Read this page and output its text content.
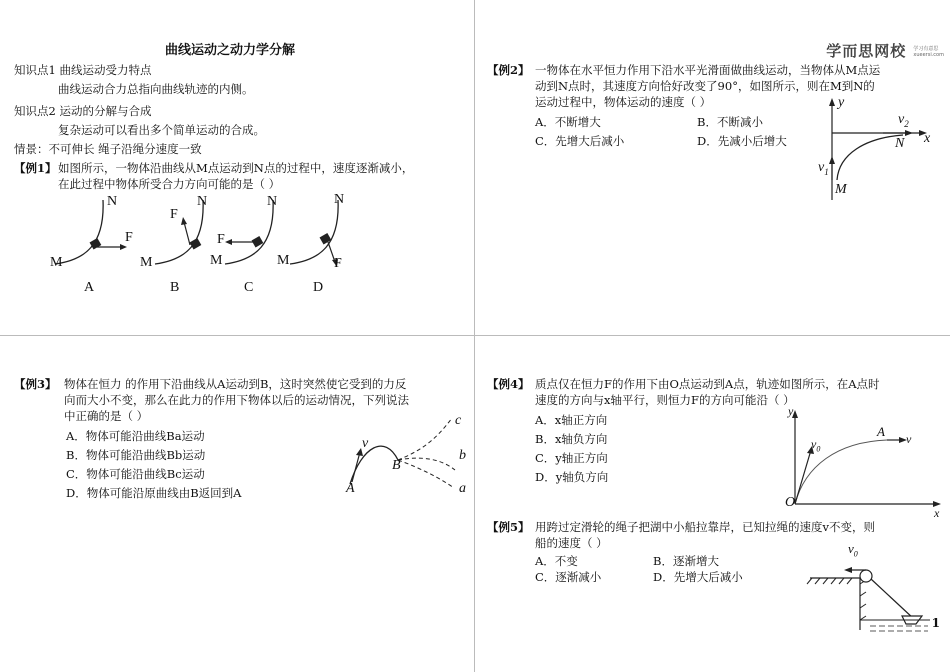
曲线运动之动力学分解
知识点1 曲线运动受力特点
曲线运动合力总指向曲线轨迹的内侧。
知识点2 运动的分解与合成
复杂运动可以看出多个简单运动的合成。
情景：不可伸长 绳子沿绳分速度一致
【例1】 如图所示，一物体沿曲线从M点运动到N点的过程中，速度逐渐减小，
在此过程中物体所受合力方向可能的是（ ）
M
N
F
A
M
N
F
B
M
N
F
C
M
N
F
D
学而思网校 学习有意思
xueersi.com
【例2】 一物体在水平恒力作用下沿水平光滑面做曲线运动，当物体从M点运
动到N点时，其速度方向恰好改变了90°，如图所示，则在M到N的
运动过程中，物体运动的速度（ ）
A．不断增大	B．不断减小
C．先增大后减小	D．先减小后增大
y
x
N
M
$v_1$
$v_2$
【例3】 物体在恒力 的作用下沿曲线从A运动到B，这时突然使它受到的力反
向而大小不变，那么在此力的作用下物体以后的运动情况，下列说法
中正确的是（ ）
A．物体可能沿曲线Ba运动
B．物体可能沿曲线Bb运动
C．物体可能沿曲线Bc运动
D．物体可能沿原曲线由B返回到A
v
A
B
c
b
a
【例4】 质点仅在恒力F的作用下由O点运动到A点，轨迹如图所示，在A点时
速度的方向与x轴平行，则恒力F的方向可能沿（ ）
A．x轴正方向
B．x轴负方向
C．y轴正方向
D．y轴负方向
y
x
O
$v_0$
A v
【例5】 用跨过定滑轮的绳子把湖中小船拉靠岸，已知拉绳的速度v不变，则
船的速度（ ）
A．不变	B．逐渐增大
C．逐渐减小	D．先增大后减小
$v_0$
1
